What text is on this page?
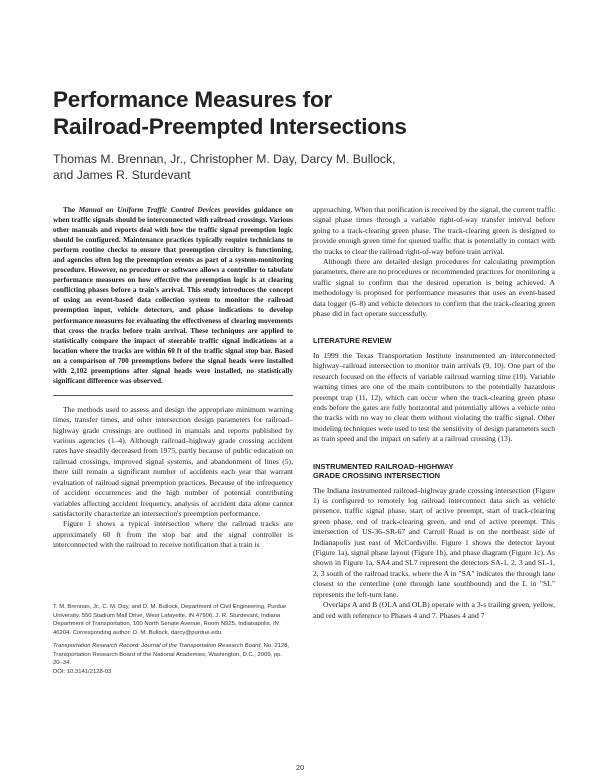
Performance Measures for
Railroad-Preempted Intersections
Thomas M. Brennan, Jr., Christopher M. Day, Darcy M. Bullock,
and James R. Sturdevant
The Manual on Uniform Traffic Control Devices provides guidance on when traffic signals should be interconnected with railroad crossings. Various other manuals and reports deal with how the traffic signal preemption logic should be configured. Maintenance practices typically require technicians to perform routine checks to ensure that preemption circuitry is functioning, and agencies often log the preemption events as part of a system-monitoring procedure. However, no procedure or software allows a controller to tabulate performance measures on how effective the preemption logic is at clearing conflicting phases before a train's arrival. This study introduces the concept of using an event-based data collection system to monitor the railroad preemption input, vehicle detectors, and phase indications to develop performance measures for evaluating the effectiveness of clearing movements that cross the tracks before train arrival. These techniques are applied to statistically compare the impact of steerable traffic signal indications at a location where the tracks are within 60 ft of the traffic signal stop bar. Based on a comparison of 700 preemptions before the signal heads were installed with 2,102 preemptions after signal heads were installed, no statistically significant difference was observed.

The methods used to assess and design the appropriate minimum warning times, transfer times, and other intersection design parameters for railroad–highway grade crossings are outlined in manuals and reports published by various agencies (1–4). Although railroad–highway grade crossing accident rates have steadily decreased from 1975, partly because of public education on railroad crossings, improved signal systems, and abandonment of lines (5), there still remain a significant number of accidents each year that warrant evaluation of railroad signal preemption practices. Because of the infrequency of accident occurrences and the high number of potential contributing variables affecting accident frequency, analysis of accident data alone cannot satisfactorily characterize an intersection's preemption performance.

Figure 1 shows a typical intersection where the railroad tracks are approximately 60 ft from the stop bar and the signal controller is interconnected with the railroad to receive notification that a train is

T. M. Brennan, Jr., C. M. Day, and D. M. Bullock, Department of Civil Engineering, Purdue University, 550 Stadium Mall Drive, West Lafayette, IN 47906. J. R. Sturdevant, Indiana Department of Transportation, 100 North Senate Avenue, Room N925, Indianapolis, IN 46204. Corresponding author: D. M. Bullock, darcy@purdue.edu.

Transportation Research Record: Journal of the Transportation Research Board, No. 2128, Transportation Research Board of the National Academies, Washington, D.C., 2009, pp. 20–34.

DOI: 10.3141/2128-03

approaching. When that notification is received by the signal, the current traffic signal phase times through a variable right-of-way transfer interval before going to a track-clearing green phase. The track-clearing green is designed to provide enough green time for queued traffic that is potentially in contact with the tracks to clear the railroad right-of-way before train arrival.

Although there are detailed design procedures for calculating preemption parameters, there are no procedures or recommended practices for monitoring a traffic signal to confirm that the desired operation is being achieved. A methodology is proposed for performance measures that uses an event-based data logger (6–8) and vehicle detectors to confirm that the track-clearing green phase did in fact operate successfully.

LITERATURE REVIEW

In 1999 the Texas Transportation Institute instrumented an interconnected highway–railroad intersection to monitor train arrivals (9, 10). One part of the research focused on the effects of variable railroad warning time (10). Variable warning times are one of the main contributors to the potentially hazardous preempt trap (11, 12), which can occur when the track-clearing green phase ends before the gates are fully horizontal and potentially allows a vehicle onto the tracks with no way to clear them without violating the traffic signal. Other modeling techniques were used to test the sensitivity of design parameters such as train speed and the impact on safety at a railroad crossing (13).

INSTRUMENTED RAILROAD–HIGHWAY
GRADE CROSSING INTERSECTION

The Indiana instrumented railroad–highway grade crossing intersection (Figure 1) is configured to remotely log railroad interconnect data such as vehicle presence, traffic signal phase, start of active preempt, start of track-clearing green phase, end of track-clearing green, and end of active preempt. This intersection of US-36–SR-67 and Carroll Road is on the northeast side of Indianapolis just east of McCordsville. Figure 1 shows the detector layout (Figure 1a), signal phase layout (Figure 1b), and phase diagram (Figure 1c). As shown in Figure 1a, SA4 and SL7 represent the detectors SA-1, 2, 3 and SL-1, 2, 3 south of the railroad tracks, where the A in "SA" indicates the through lane closest to the centerline (one through lane southbound) and the L in "SL" represents the left-turn lane.

Overlaps A and B (OLA and OLB) operate with a 3-s trailing green, yellow, and red with reference to Phases 4 and 7. Phases 4 and 7

20
